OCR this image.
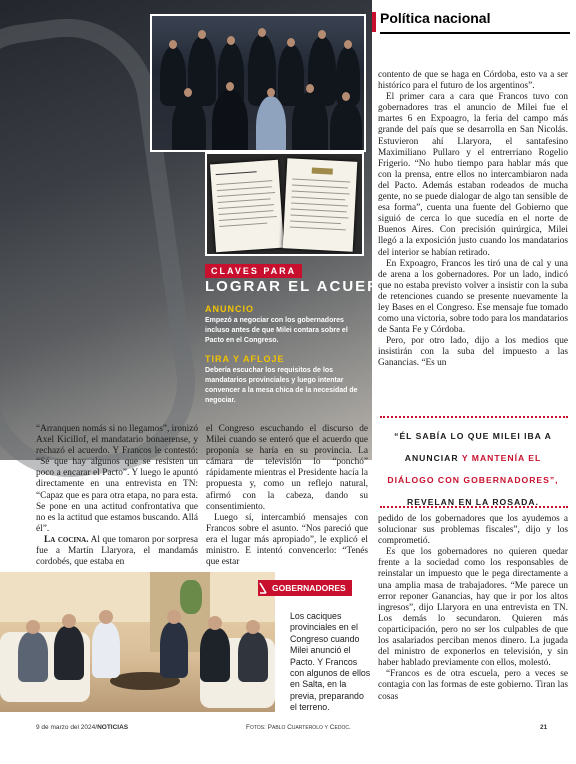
Política nacional
CLAVES PARA
LOGRAR EL ACUERDO
ANUNCIO
Empezó a negociar con los gobernadores incluso antes de que Milei contara sobre el Pacto en el Congreso.
TIRA Y AFLOJE
Debería escuchar los requisitos de los mandatarios provinciales y luego intentar convencer a la mesa chica de la necesidad de negociar.

“Arranquen nomás si no llegamos”, ironizó Axel Kicillof, el mandatario bonaerense, y rechazó el acuerdo. Y Francos le contestó: “Sé que hay algunos que se resisten un poco a encarar el Pacto”. Y luego le apuntó directamente en una entrevista en TN: “Capaz que es para otra etapa, no para esta. Se pone en una actitud confrontativa que no es la actitud que estamos buscando. Allá él”.

La cocina. Al que tomaron por sorpresa fue a Martín Llaryora, el mandamás cordobés, que estaba en

el Congreso escuchando el discurso de Milei cuando se enteró que el acuerdo que proponía se haría en su provincia. La cámara de televisión lo “ponchó” rápidamente mientras el Presidente hacía la propuesta y, como un reflejo natural, afirmó con la cabeza, dando su consentimiento.

Luego sí, intercambió mensajes con Francos sobre el asunto. “Nos pareció que era el lugar más apropiado”, le explicó el ministro. E intentó convencerlo: “Tenés que estar

contento de que se haga en Córdoba, esto va a ser histórico para el futuro de los argentinos”.

El primer cara a cara que Francos tuvo con gobernadores tras el anuncio de Milei fue el martes 6 en Expoagro, la feria del campo más grande del país que se desarrolla en San Nicolás. Estuvieron ahí Llaryora, el santafesino Maximiliano Pullaro y el entrerriano Rogelio Frigerio. “No hubo tiempo para hablar más que con la prensa, entre ellos no intercambiaron nada del Pacto. Además estaban rodeados de mucha gente, no se puede dialogar de algo tan sensible de esa forma”, cuenta una fuente del Gobierno que siguió de cerca lo que sucedía en el norte de Buenos Aires. Con precisión quirúrgica, Milei llegó a la exposición justo cuando los mandatarios del interior se habían retirado.

En Expoagro, Francos les tiró una de cal y una de arena a los gobernadores. Por un lado, indicó que no estaba previsto volver a insistir con la suba de retenciones cuando se presente nuevamente la ley Bases en el Congreso. Ese mensaje fue tomado como una victoria, sobre todo para los mandatarios de Santa Fe y Córdoba.

Pero, por otro lado, dijo a los medios que insistirán con la suba del impuesto a las Ganancias. “Es un

“ÉL SABÍA LO QUE MILEI IBA A
ANUNCIAR Y MANTENÍA EL
DIÁLOGO CON GOBERNADORES”,
REVELAN EN LA ROSADA.

pedido de los gobernadores que los ayudemos a solucionar sus problemas fiscales”, dijo y los comprometió.

Es que los gobernadores no quieren quedar frente a la sociedad como los responsables de reinstalar un impuesto que le pega directamente a una amplia masa de trabajadores. “Me parece un error reponer Ganancias, hay que ir por los altos ingresos”, dijo Llaryora en una entrevista en TN. Los demás lo secundaron. Quieren más coparticipación, pero no ser los culpables de que los asalariados perciban menos dinero. La jugada del ministro de exponerlos en televisión, y sin haber hablado previamente con ellos, molestó.

“Francos es de otra escuela, pero a veces se contagia con las formas de este gobierno. Tiran las cosas

GOBERNADORES
Los caciques provinciales en el Congreso cuando Milei anunció el Pacto. Y Francos con algunos de ellos en Salta, en la previa, preparando el terreno.
9 de marzo del 2024/NOTICIAS	Fotos: Pablo Cuarterolo y Cedoc.	21
